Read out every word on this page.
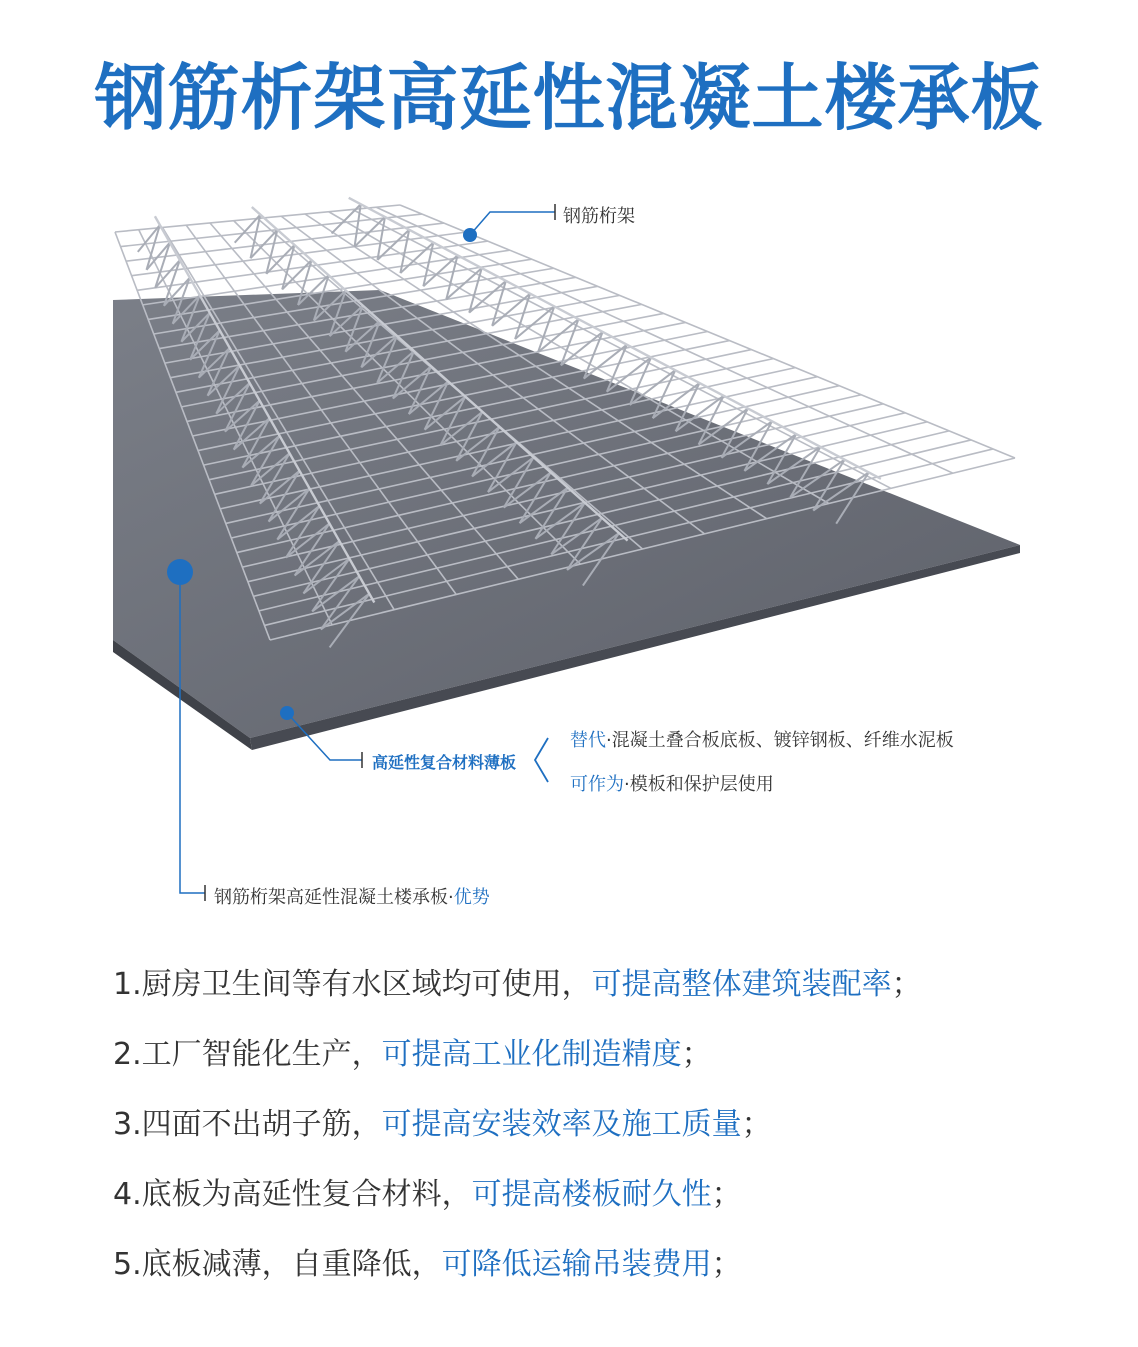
钢筋析架高延性混凝土楼承板
钢筋桁架
高延性复合材料薄板
替代·混凝土叠合板底板、镀锌钢板、纤维水泥板
可作为·模板和保护层使用
钢筋桁架高延性混凝土楼承板·优势
1.厨房卫生间等有水区域均可使用，可提高整体建筑装配率；
2.工厂智能化生产，可提高工业化制造精度；
3.四面不出胡子筋，可提高安装效率及施工质量；
4.底板为高延性复合材料，可提高楼板耐久性；
5.底板减薄，自重降低，可降低运输吊装费用；
